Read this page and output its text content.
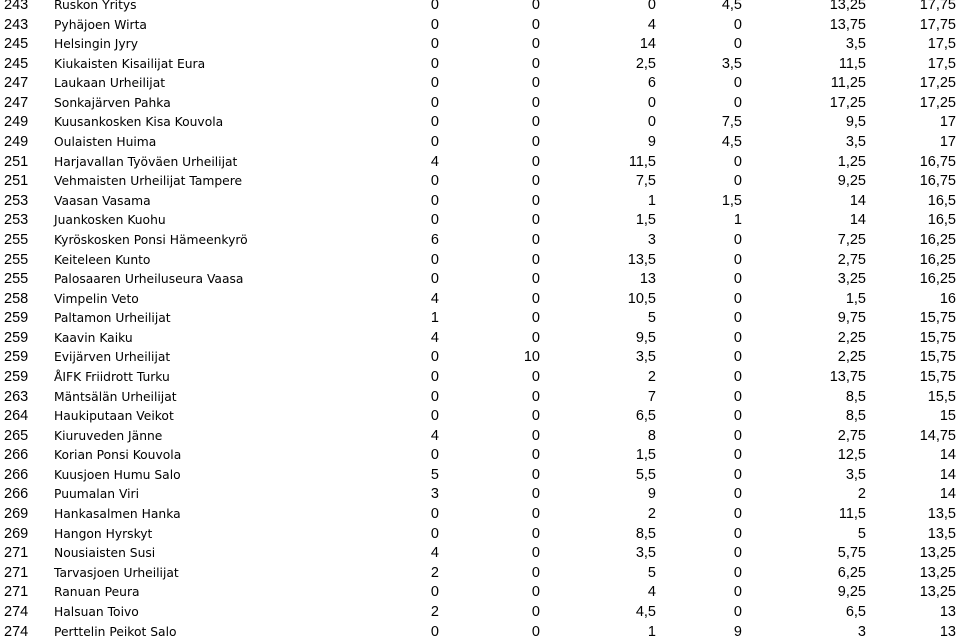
243 Ruskon Yritys	0	0	0	4,5	13,25	17,75
243 Pyhäjoen Wirta	0	0	4	0	13,75	17,75
245 Helsingin Jyry	0	0	14	0	3,5	17,5
245 Kiukaisten Kisailijat Eura	0	0	2,5	3,5	11,5	17,5
247 Laukaan Urheilijat	0	0	6	0	11,25	17,25
247 Sonkajärven Pahka	0	0	0	0	17,25	17,25
249 Kuusankosken Kisa Kouvola	0	0	0	7,5	9,5	17
249 Oulaisten Huima	0	0	9	4,5	3,5	17
251 Harjavallan Työväen Urheilijat	4	0	11,5	0	1,25	16,75
251 Vehmaisten Urheilijat Tampere	0	0	7,5	0	9,25	16,75
253 Vaasan Vasama	0	0	1	1,5	14	16,5
253 Juankosken Kuohu	0	0	1,5	1	14	16,5
255 Kyröskosken Ponsi Hämeenkyrö	6	0	3	0	7,25	16,25
255 Keiteleen Kunto	0	0	13,5	0	2,75	16,25
255 Palosaaren Urheiluseura Vaasa	0	0	13	0	3,25	16,25
258 Vimpelin Veto	4	0	10,5	0	1,5	16
259 Paltamon Urheilijat	1	0	5	0	9,75	15,75
259 Kaavin Kaiku	4	0	9,5	0	2,25	15,75
259 Evijärven Urheilijat	0	10	3,5	0	2,25	15,75
259 ÅIFK Friidrott Turku	0	0	2	0	13,75	15,75
263 Mäntsälän Urheilijat	0	0	7	0	8,5	15,5
264 Haukiputaan Veikot	0	0	6,5	0	8,5	15
265 Kiuruveden Jänne	4	0	8	0	2,75	14,75
266 Korian Ponsi Kouvola	0	0	1,5	0	12,5	14
266 Kuusjoen Humu Salo	5	0	5,5	0	3,5	14
266 Puumalan Viri	3	0	9	0	2	14
269 Hankasalmen Hanka	0	0	2	0	11,5	13,5
269 Hangon Hyrskyt	0	0	8,5	0	5	13,5
271 Nousiaisten Susi	4	0	3,5	0	5,75	13,25
271 Tarvasjoen Urheilijat	2	0	5	0	6,25	13,25
271 Ranuan Peura	0	0	4	0	9,25	13,25
274 Halsuan Toivo	2	0	4,5	0	6,5	13
274 Perttelin Peikot Salo	0	0	1	9	3	13
